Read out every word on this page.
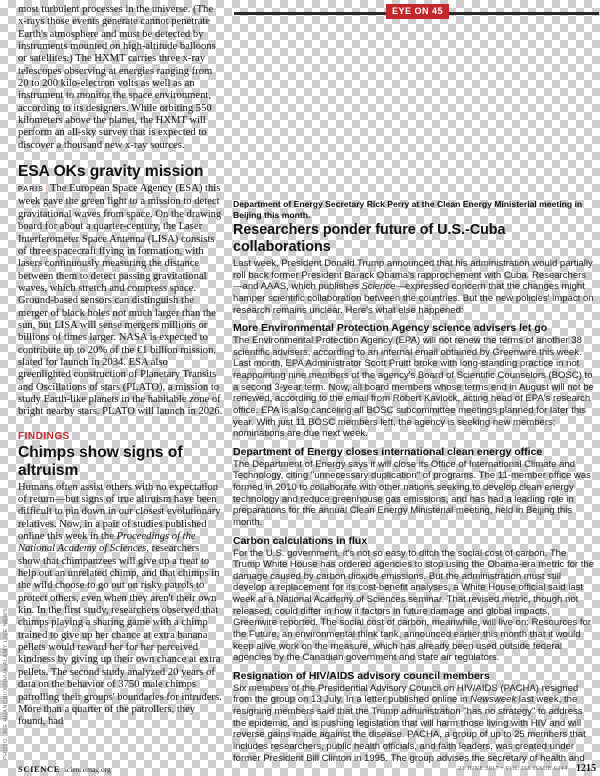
most turbulent processes in the universe. (The x-rays those events generate cannot penetrate Earth's atmosphere and must be detected by instruments mounted on high-altitude balloons or satellites.) The HXMT carries three x-ray telescopes observing at energies ranging from 20 to 200 kilo-electron volts as well as an instrument to monitor the space environment, according to its designers. While orbiting 550 kilometers above the planet, the HXMT will perform an all-sky survey that is expected to discover a thousand new x-ray sources.

ESA OKs gravity mission

PARIS | The European Space Agency (ESA) this week gave the green light to a mission to detect gravitational waves from space. On the drawing board for about a quarter-century, the Laser Interferometer Space Antenna (LISA) consists of three spacecraft flying in formation, with lasers continuously measuring the distance between them to detect passing gravitational waves, which stretch and compress space. Ground-based sensors can distinguish the merger of black holes not much larger than the sun, but LISA will sense mergers millions or billions of times larger. NASA is expected to contribute up to 20% of the €1 billion mission, slated for launch in 2034. ESA also greenlighted construction of Planetary Transits and Oscillations of stars (PLATO), a mission to study Earth-like planets in the habitable zone of bright nearby stars. PLATO will launch in 2026.

FINDINGS

Chimps show signs of altruism

Humans often assist others with no expectation of return—but signs of true altruism have been difficult to pin down in our closest evolutionary relatives. Now, in a pair of studies published online this week in the Proceedings of the National Academy of Sciences, researchers show that chimpanzees will give up a treat to help out an unrelated chimp, and that chimps in the wild choose to go out on risky patrols to protect others, even when they aren't their own kin. In the first study, researchers observed that chimps playing a sharing game with a chimp trained to give up her chance at extra banana pellets would reward her for her perceived kindness by giving up their own chance at extra pellets. The second study analyzed 20 years of data on the behavior of 3750 male chimps patrolling their groups' boundaries for intruders. More than a quarter of the patrollers, they found, had

PHOTO: XIE HUANCHI/XINHUA/ALAMY LIVE NEWS
EYE ON 45
Department of Energy Secretary Rick Perry at the Clean Energy Ministerial meeting in Beijing this month.
Researchers ponder future of U.S.-Cuba collaborations

Last week, President Donald Trump announced that his administration would partially roll back former President Barack Obama's rapprochement with Cuba. Researchers—and AAAS, which publishes Science—expressed concern that the changes might hamper scientific collaboration between the countries. But the new policies' impact on research remains unclear. Here's what else happened:

More Environmental Protection Agency science advisers let go

The Environmental Protection Agency (EPA) will not renew the terms of another 38 scientific advisers, according to an internal email obtained by Greenwire this week. Last month, EPA Administrator Scott Pruitt broke with long-standing practice in not reappointing nine members of the agency's Board of Scientific Counselors (BOSC) to a second 3-year term. Now, all board members whose terms end in August will not be renewed, according to the email from Robert Kavlock, acting head of EPA's research office. EPA is also canceling all BOSC subcommittee meetings planned for later this year. With just 11 BOSC members left, the agency is seeking new members; nominations are due next week.

Department of Energy closes international clean energy office

The Department of Energy says it will close its Office of International Climate and Technology, citing "unnecessary duplication" of programs. The 11-member office was formed in 2010 to collaborate with other nations seeking to develop clean energy technology and reduce greenhouse gas emissions, and has had a leading role in preparations for the annual Clean Energy Ministerial meeting, held in Beijing this month.

Carbon calculations in flux

For the U.S. government, it's not so easy to ditch the social cost of carbon. The Trump White House has ordered agencies to stop using the Obama-era metric for the damage caused by carbon dioxide emissions. But the administration must still develop a replacement for its cost-benefit analyses, a White House official said last week at a National Academy of Sciences seminar. That revised metric, though not released, could differ in how it factors in future damage and global impacts, Greenwire reported. The social cost of carbon, meanwhile, will live on: Resources for the Future, an environmental think tank, announced earlier this month that it would keep alive work on the measure, which has already been used outside federal agencies by the Canadian government and state air regulators.

Resignation of HIV/AIDS advisory council members

Six members of the Presidential Advisory Council on HIV/AIDS (PACHA) resigned from the group on 13 July. In a letter published online in Newsweek last week, the resigning members said that the Trump administration "has no strategy" to address the epidemic, and is pushing legislation that will harm those living with HIV and will reverse gains made against the disease. PACHA, a group of up to 25 members that includes researchers, public health officials, and faith leaders, was created under former President Bill Clinton in 1995. The group advises the secretary of health and

SCIENCE sciencemag.org	23 JUNE 2017 • VOL 356 ISSUE 6344 1215
